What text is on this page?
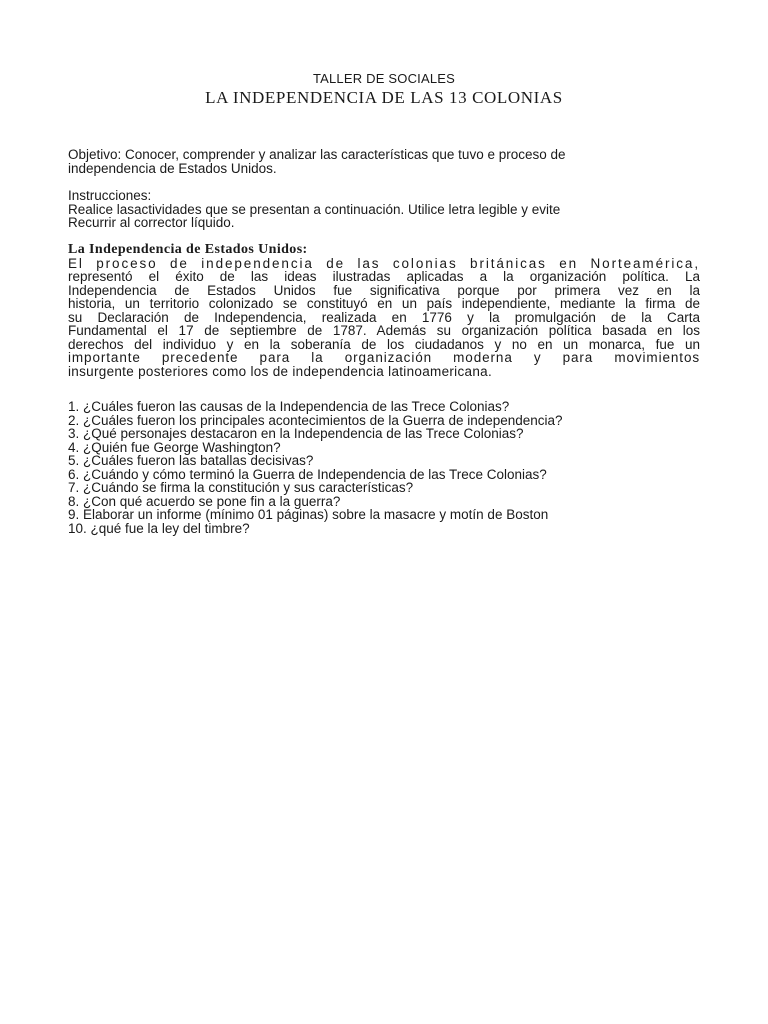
TALLER DE SOCIALES
LA INDEPENDENCIA DE LAS 13 COLONIAS
Objetivo: Conocer, comprender y analizar las características que tuvo e proceso de
independencia de Estados Unidos.
Instrucciones:
Realice lasactividades que se presentan a continuación. Utilice letra legible y evite
Recurrir al corrector líquido.
La Independencia de Estados Unidos:
El proceso de independencia de las colonias británicas en Norteamérica,
representó el éxito de las ideas ilustradas aplicadas a la organización política. La
Independencia de Estados Unidos fue significativa porque por primera vez en la
historia, un territorio colonizado se constituyó en un país independiente, mediante la firma de
su Declaración de Independencia, realizada en 1776 y la promulgación de la Carta
Fundamental el 17 de septiembre de 1787. Además su organización política basada en los
derechos del individuo y en la soberanía de los ciudadanos y no en un monarca, fue un
importante precedente para la organización moderna y para movimientos
insurgente posteriores como los de independencia latinoamericana.
1. ¿Cuáles fueron las causas de la Independencia de las Trece Colonias?
2. ¿Cuáles fueron los principales acontecimientos de la Guerra de independencia?
3. ¿Qué personajes destacaron en la Independencia de las Trece Colonias?
4. ¿Quién fue George Washington?
5. ¿Cuáles fueron las batallas decisivas?
6. ¿Cuándo y cómo terminó la Guerra de Independencia de las Trece Colonias?
7. ¿Cuándo se firma la constitución y sus características?
8. ¿Con qué acuerdo se pone fin a la guerra?
9. Elaborar un informe (mínimo 01 páginas) sobre la masacre y motín de Boston
10. ¿qué fue la ley del timbre?
